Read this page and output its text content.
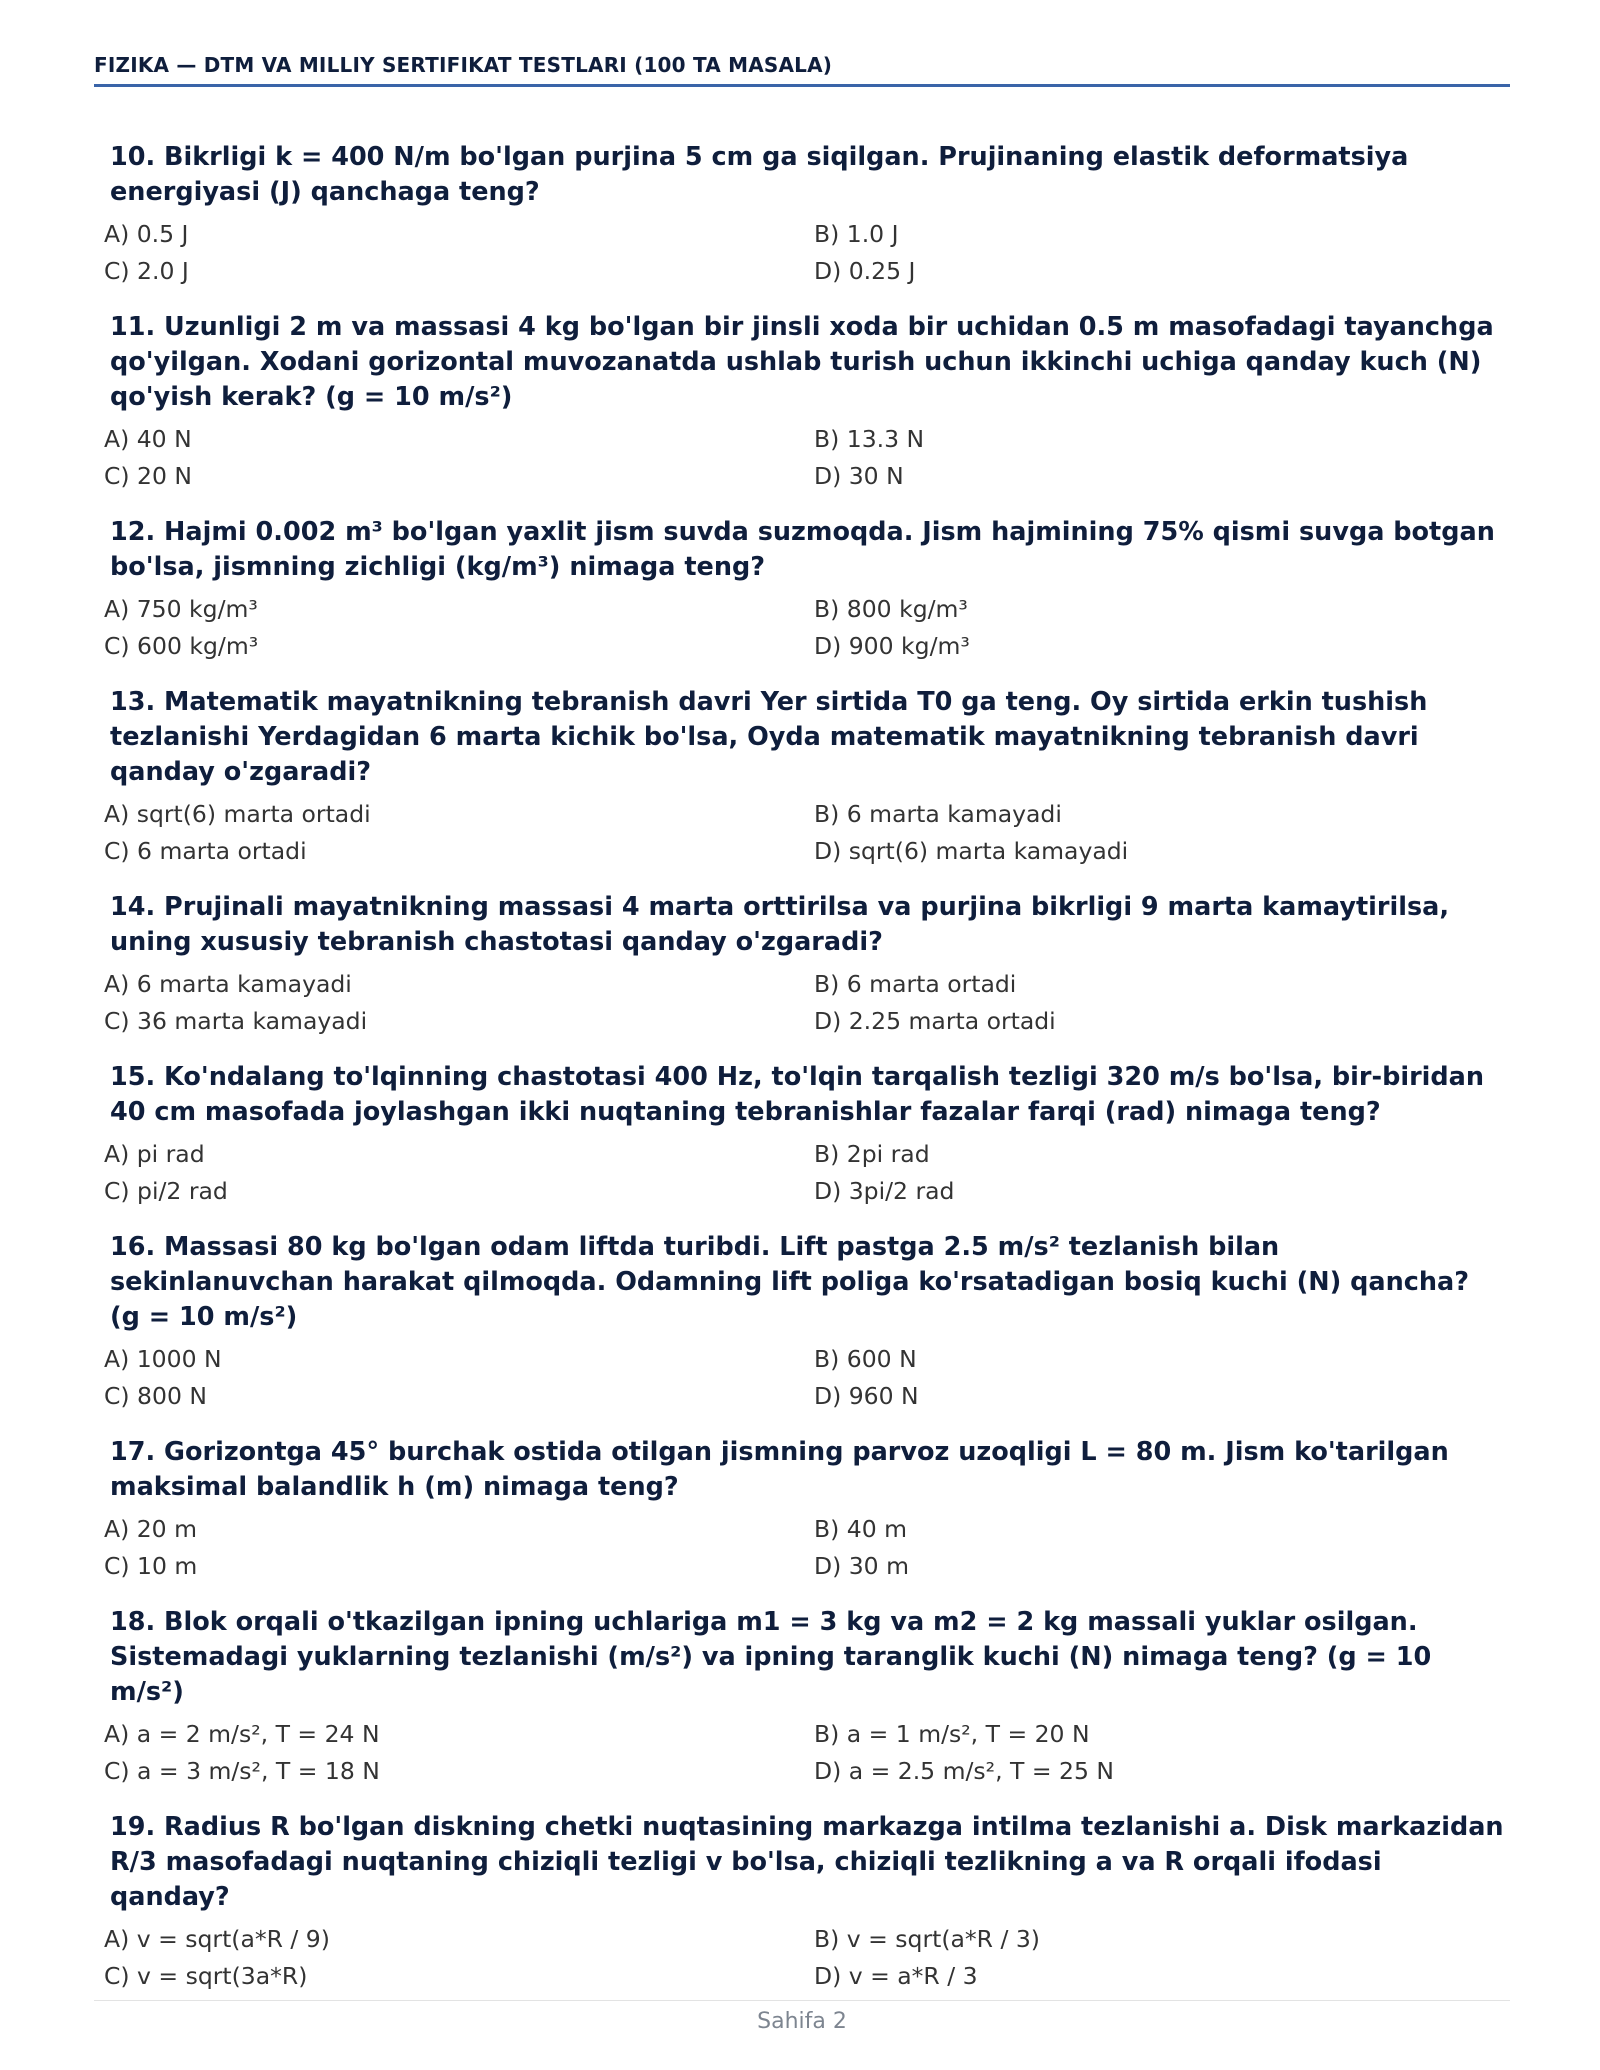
FIZIKA — DTM VA MILLIY SERTIFIKAT TESTLARI (100 TA MASALA)

10. Bikrligi k = 400 N/m bo'lgan purjina 5 cm ga siqilgan. Prujinaning elastik deformatsiya energiyasi (J) qanchaga teng?

A) 0.5 J	B) 1.0 J
C) 2.0 J	D) 0.25 J

11. Uzunligi 2 m va massasi 4 kg bo'lgan bir jinsli xoda bir uchidan 0.5 m masofadagi tayanchga qo'yilgan. Xodani gorizontal muvozanatda ushlab turish uchun ikkinchi uchiga qanday kuch (N) qo'yish kerak? (g = 10 m/s²)

A) 40 N	B) 13.3 N
C) 20 N	D) 30 N

12. Hajmi 0.002 m³ bo'lgan yaxlit jism suvda suzmoqda. Jism hajmining 75% qismi suvga botgan bo'lsa, jismning zichligi (kg/m³) nimaga teng?

A) 750 kg/m³	B) 800 kg/m³
C) 600 kg/m³	D) 900 kg/m³

13. Matematik mayatnikning tebranish davri Yer sirtida T0 ga teng. Oy sirtida erkin tushish tezlanishi Yerdagidan 6 marta kichik bo'lsa, Oyda matematik mayatnikning tebranish davri qanday o'zgaradi?

A) sqrt(6) marta ortadi	B) 6 marta kamayadi
C) 6 marta ortadi	D) sqrt(6) marta kamayadi

14. Prujinali mayatnikning massasi 4 marta orttirilsa va purjina bikrligi 9 marta kamaytirilsa, uning xususiy tebranish chastotasi qanday o'zgaradi?

A) 6 marta kamayadi	B) 6 marta ortadi
C) 36 marta kamayadi	D) 2.25 marta ortadi

15. Ko'ndalang to'lqinning chastotasi 400 Hz, to'lqin tarqalish tezligi 320 m/s bo'lsa, bir-biridan 40 cm masofada joylashgan ikki nuqtaning tebranishlar fazalar farqi (rad) nimaga teng?

A) pi rad	B) 2pi rad
C) pi/2 rad	D) 3pi/2 rad

16. Massasi 80 kg bo'lgan odam liftda turibdi. Lift pastga 2.5 m/s² tezlanish bilan sekinlanuvchan harakat qilmoqda. Odamning lift poliga ko'rsatadigan bosiq kuchi (N) qancha? (g = 10 m/s²)

A) 1000 N	B) 600 N
C) 800 N	D) 960 N

17. Gorizontga 45° burchak ostida otilgan jismning parvoz uzoqligi L = 80 m. Jism ko'tarilgan maksimal balandlik h (m) nimaga teng?

A) 20 m	B) 40 m
C) 10 m	D) 30 m

18. Blok orqali o'tkazilgan ipning uchlariga m1 = 3 kg va m2 = 2 kg massali yuklar osilgan. Sistemadagi yuklarning tezlanishi (m/s²) va ipning taranglik kuchi (N) nimaga teng? (g = 10 m/s²)

A) a = 2 m/s², T = 24 N	B) a = 1 m/s², T = 20 N
C) a = 3 m/s², T = 18 N	D) a = 2.5 m/s², T = 25 N

19. Radius R bo'lgan diskning chetki nuqtasining markazga intilma tezlanishi a. Disk markazidan R/3 masofadagi nuqtaning chiziqli tezligi v bo'lsa, chiziqli tezlikning a va R orqali ifodasi qanday?

A) v = sqrt(a*R / 9)	B) v = sqrt(a*R / 3)
C) v = sqrt(3a*R)	D) v = a*R / 3
Sahifa 2
